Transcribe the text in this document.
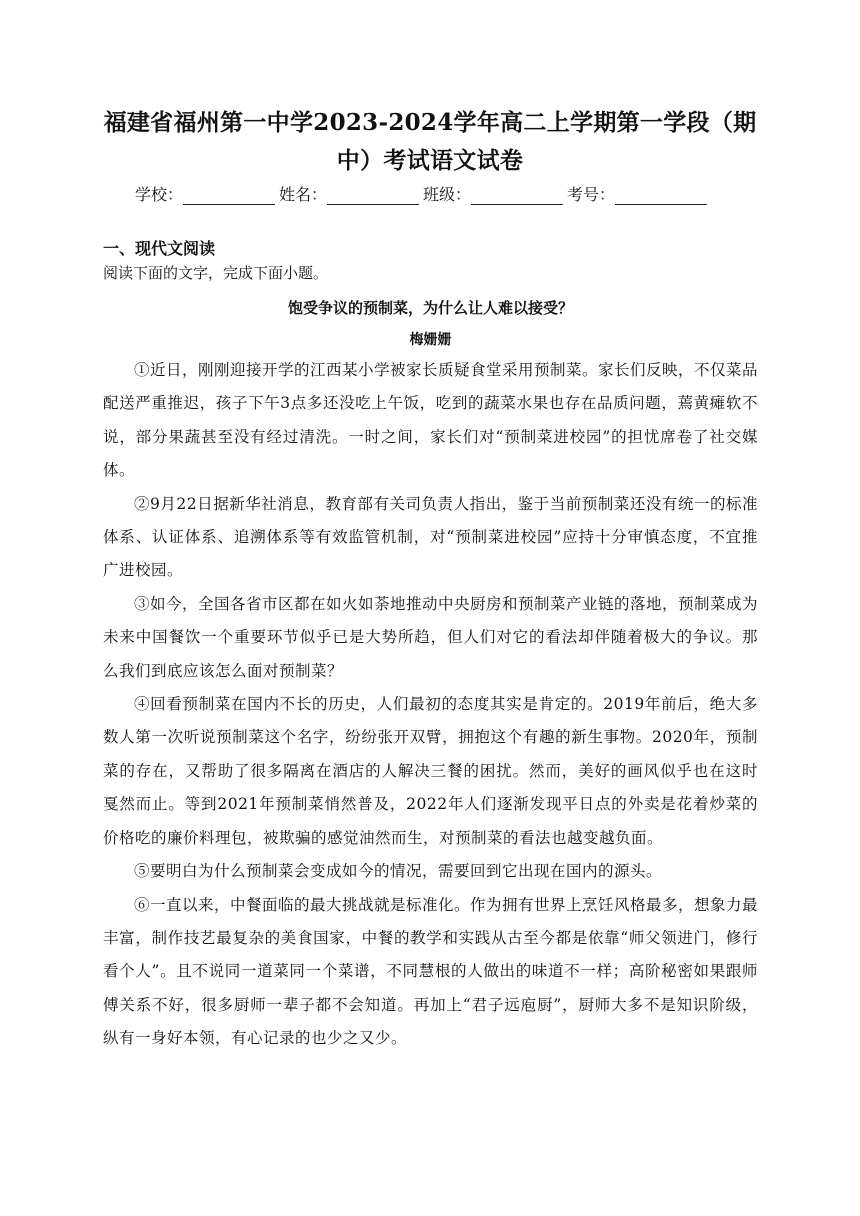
福建省福州第一中学2023-2024学年高二上学期第一学段（期中）考试语文试卷
学校：	姓名：	班级：	考号：
一、现代文阅读
阅读下面的文字，完成下面小题。
饱受争议的预制菜，为什么让人难以接受？
梅姗姗

①近日，刚刚迎接开学的江西某小学被家长质疑食堂采用预制菜。家长们反映，不仅菜品配送严重推迟，孩子下午3点多还没吃上午饭，吃到的蔬菜水果也存在品质问题，蔫黄瘫软不说，部分果蔬甚至没有经过清洗。一时之间，家长们对“预制菜进校园”的担忧席卷了社交媒体。

②9月22日据新华社消息，教育部有关司负责人指出，鉴于当前预制菜还没有统一的标准体系、认证体系、追溯体系等有效监管机制，对“预制菜进校园”应持十分审慎态度，不宜推广进校园。

③如今，全国各省市区都在如火如荼地推动中央厨房和预制菜产业链的落地，预制菜成为未来中国餐饮一个重要环节似乎已是大势所趋，但人们对它的看法却伴随着极大的争议。那么我们到底应该怎么面对预制菜？

④回看预制菜在国内不长的历史，人们最初的态度其实是肯定的。2019年前后，绝大多数人第一次听说预制菜这个名字，纷纷张开双臂，拥抱这个有趣的新生事物。2020年，预制菜的存在，又帮助了很多隔离在酒店的人解决三餐的困扰。然而，美好的画风似乎也在这时戛然而止。等到2021年预制菜悄然普及，2022年人们逐渐发现平日点的外卖是花着炒菜的价格吃的廉价料理包，被欺骗的感觉油然而生，对预制菜的看法也越变越负面。

⑤要明白为什么预制菜会变成如今的情况，需要回到它出现在国内的源头。

⑥一直以来，中餐面临的最大挑战就是标准化。作为拥有世界上烹饪风格最多，想象力最丰富，制作技艺最复杂的美食国家，中餐的教学和实践从古至今都是依靠“师父领进门，修行看个人”。且不说同一道菜同一个菜谱，不同慧根的人做出的味道不一样；高阶秘密如果跟师傅关系不好，很多厨师一辈子都不会知道。再加上“君子远庖厨”，厨师大多不是知识阶级，纵有一身好本领，有心记录的也少之又少。
